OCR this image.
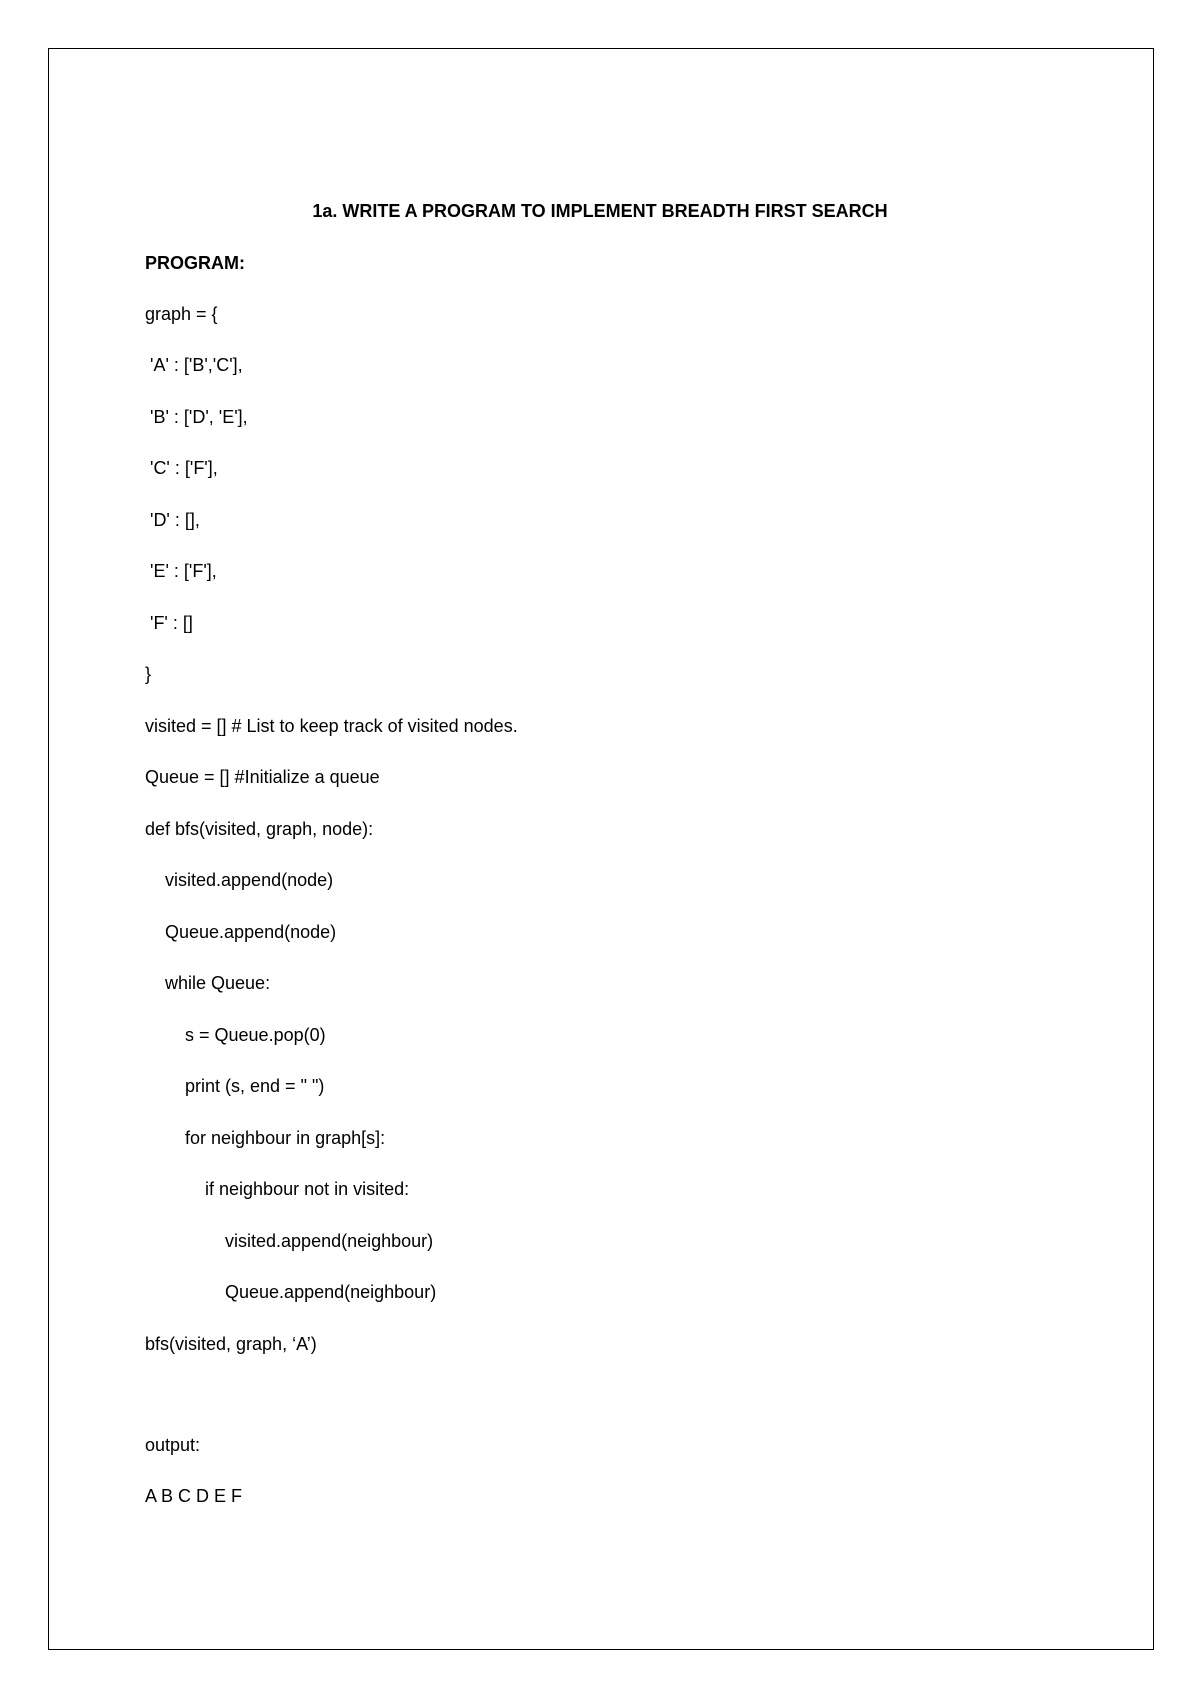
1a. WRITE A PROGRAM TO IMPLEMENT BREADTH FIRST SEARCH
PROGRAM:
graph = {
'A' : ['B','C'],
'B' : ['D', 'E'],
'C' : ['F'],
'D' : [],
'E' : ['F'],
'F' : []
}
visited = [] # List to keep track of visited nodes.
Queue = [] #Initialize a queue
def bfs(visited, graph, node):
visited.append(node)
Queue.append(node)
while Queue:
s = Queue.pop(0)
print (s, end = " ")
for neighbour in graph[s]:
if neighbour not in visited:
visited.append(neighbour)
Queue.append(neighbour)
bfs(visited, graph, ‘A’)
output:
A B C D E F
